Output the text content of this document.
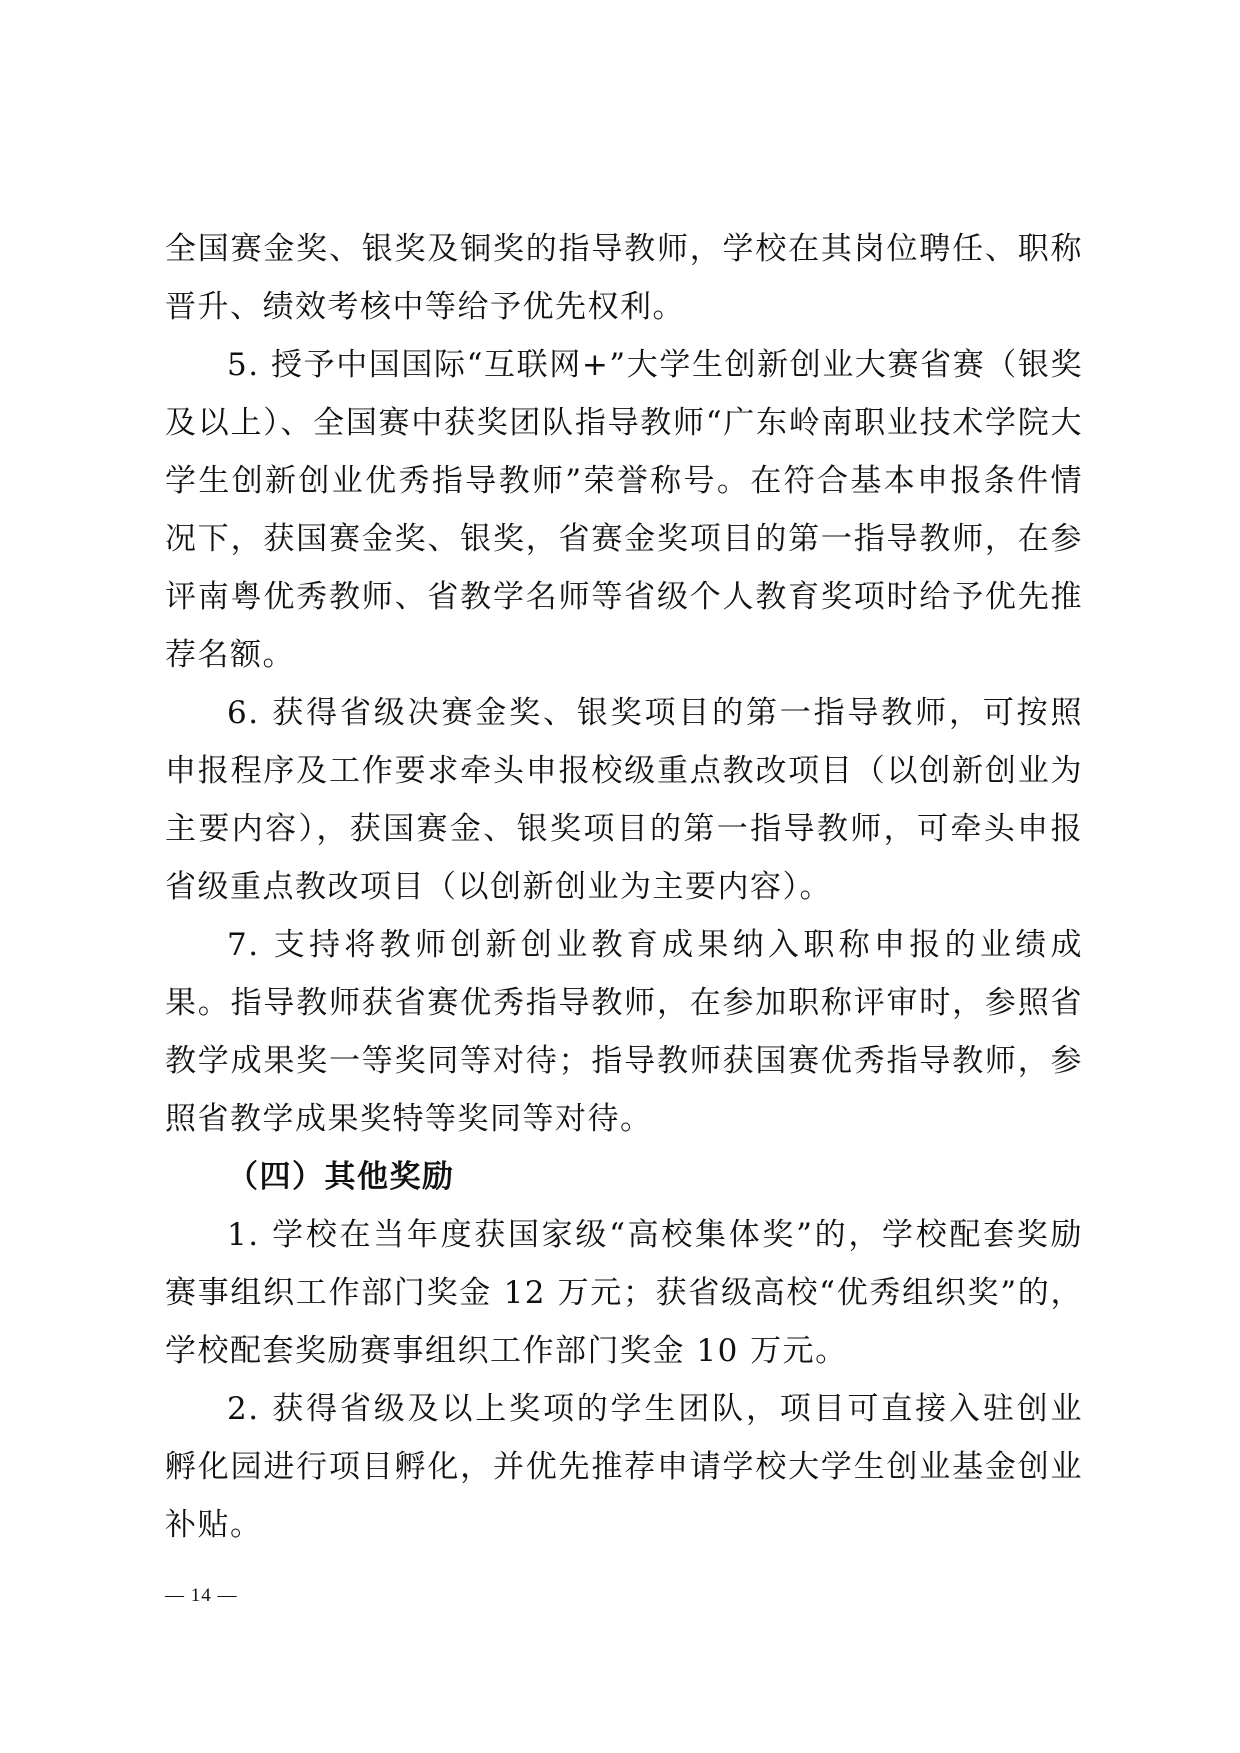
全国赛金奖、银奖及铜奖的指导教师，学校在其岗位聘任、职称晋升、绩效考核中等给予优先权利。

5. 授予中国国际“互联网+”大学生创新创业大赛省赛（银奖及以上）、全国赛中获奖团队指导教师“广东岭南职业技术学院大学生创新创业优秀指导教师”荣誉称号。在符合基本申报条件情况下，获国赛金奖、银奖，省赛金奖项目的第一指导教师，在参评南粤优秀教师、省教学名师等省级个人教育奖项时给予优先推荐名额。

6. 获得省级决赛金奖、银奖项目的第一指导教师，可按照申报程序及工作要求牵头申报校级重点教改项目（以创新创业为主要内容），获国赛金、银奖项目的第一指导教师，可牵头申报省级重点教改项目（以创新创业为主要内容）。

7. 支持将教师创新创业教育成果纳入职称申报的业绩成果。指导教师获省赛优秀指导教师，在参加职称评审时，参照省教学成果奖一等奖同等对待；指导教师获国赛优秀指导教师，参照省教学成果奖特等奖同等对待。

（四）其他奖励

1. 学校在当年度获国家级“高校集体奖”的，学校配套奖励赛事组织工作部门奖金 12 万元；获省级高校“优秀组织奖”的，学校配套奖励赛事组织工作部门奖金 10 万元。

2. 获得省级及以上奖项的学生团队，项目可直接入驻创业孵化园进行项目孵化，并优先推荐申请学校大学生创业基金创业补贴。

— 14 —
